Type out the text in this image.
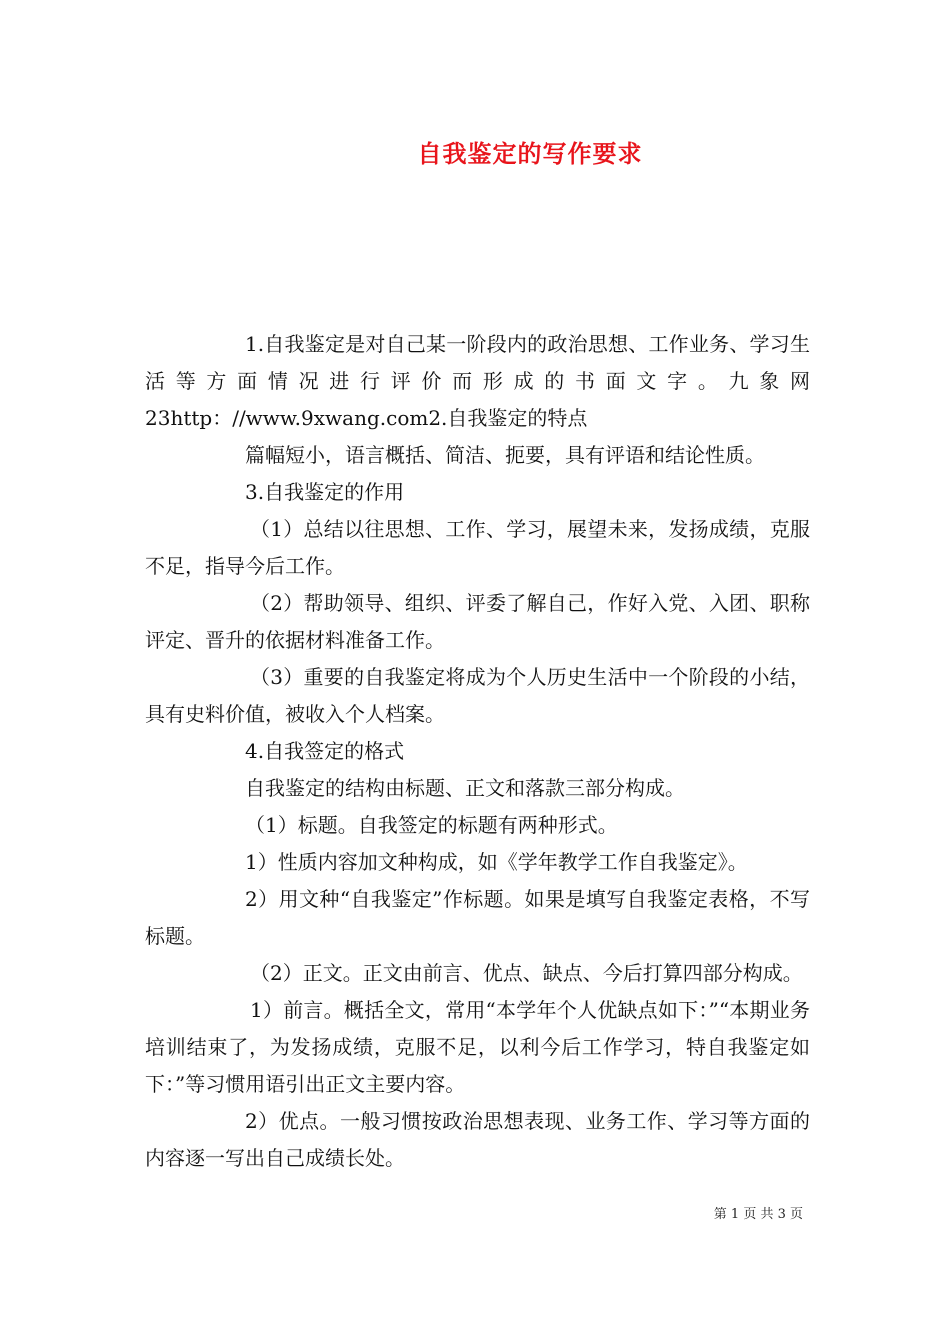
自我鉴定的写作要求

1.自我鉴定是对自己某一阶段内的政治思想、工作业务、学习生活等方面情况进行评价而形成的书面文字。九象网 23http：//www.9xwang.com2.自我鉴定的特点

篇幅短小，语言概括、简洁、扼要，具有评语和结论性质。

3.自我鉴定的作用

（1）总结以往思想、工作、学习，展望未来，发扬成绩，克服不足，指导今后工作。

（2）帮助领导、组织、评委了解自己，作好入党、入团、职称评定、晋升的依据材料准备工作。

（3）重要的自我鉴定将成为个人历史生活中一个阶段的小结，具有史料价值，被收入个人档案。

4.自我签定的格式

自我鉴定的结构由标题、正文和落款三部分构成。

（1）标题。自我签定的标题有两种形式。

1）性质内容加文种构成，如《学年教学工作自我鉴定》。

2）用文种“自我鉴定”作标题。如果是填写自我鉴定表格，不写标题。

（2）正文。正文由前言、优点、缺点、今后打算四部分构成。

1）前言。概括全文，常用“本学年个人优缺点如下：”“本期业务培训结束了，为发扬成绩，克服不足，以利今后工作学习，特自我鉴定如下：”等习惯用语引出正文主要内容。

2）优点。一般习惯按政治思想表现、业务工作、学习等方面的内容逐一写出自己成绩长处。

第 1 页 共 3 页
